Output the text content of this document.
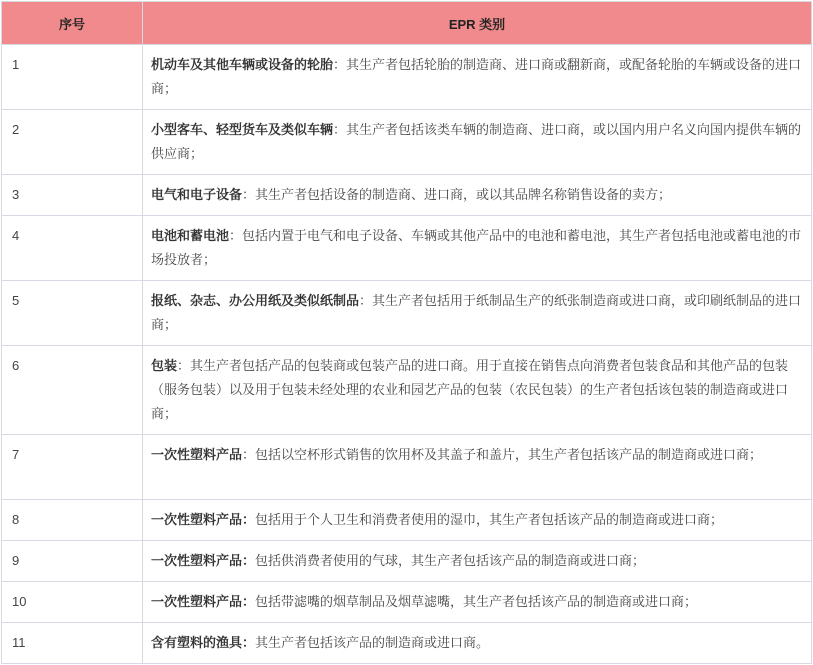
序号	EPR 类别
1	机动车及其他车辆或设备的轮胎：其生产者包括轮胎的制造商、进口商或翻新商，或配备轮胎的车辆或设备的进口商；
2	小型客车、轻型货车及类似车辆：其生产者包括该类车辆的制造商、进口商，或以国内用户名义向国内提供车辆的供应商；
3	电气和电子设备：其生产者包括设备的制造商、进口商，或以其品牌名称销售设备的卖方；
4	电池和蓄电池：包括内置于电气和电子设备、车辆或其他产品中的电池和蓄电池，其生产者包括电池或蓄电池的市场投放者；
5	报纸、杂志、办公用纸及类似纸制品：其生产者包括用于纸制品生产的纸张制造商或进口商，或印刷纸制品的进口商；
6	包装：其生产者包括产品的包装商或包装产品的进口商。用于直接在销售点向消费者包装食品和其他产品的包装（服务包装）以及用于包装未经处理的农业和园艺产品的包装（农民包装）的生产者包括该包装的制造商或进口商；
7	一次性塑料产品：包括以空杯形式销售的饮用杯及其盖子和盖片，其生产者包括该产品的制造商或进口商；
8	一次性塑料产品：包括用于个人卫生和消费者使用的湿巾，其生产者包括该产品的制造商或进口商；
9	一次性塑料产品：包括供消费者使用的气球，其生产者包括该产品的制造商或进口商；
10	一次性塑料产品：包括带滤嘴的烟草制品及烟草滤嘴，其生产者包括该产品的制造商或进口商；
11	含有塑料的渔具：其生产者包括该产品的制造商或进口商。
